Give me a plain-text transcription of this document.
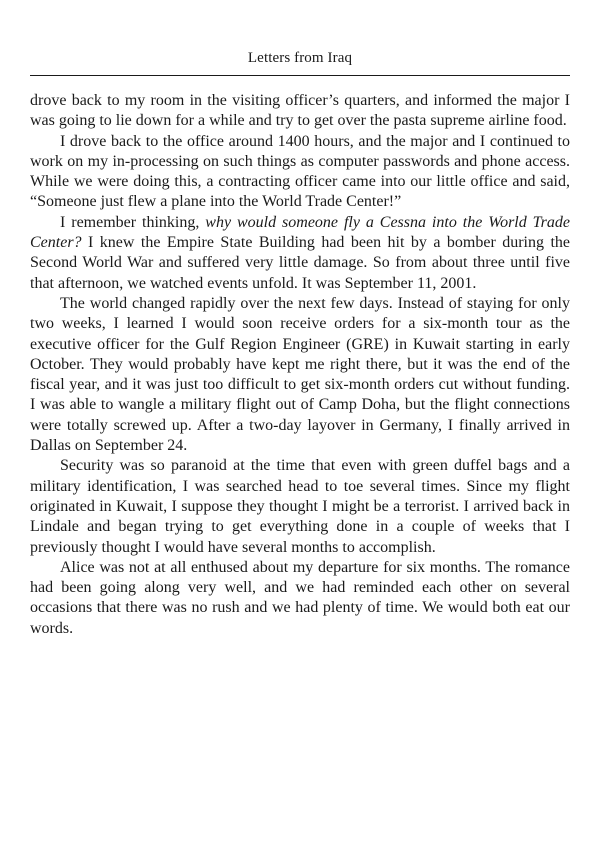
Letters from Iraq

drove back to my room in the visiting officer’s quarters, and informed the major I was going to lie down for a while and try to get over the pasta supreme airline food.

I drove back to the office around 1400 hours, and the major and I continued to work on my in-processing on such things as computer passwords and phone access. While we were doing this, a contracting officer came into our little office and said, “Someone just flew a plane into the World Trade Center!”

I remember thinking, why would someone fly a Cessna into the World Trade Center? I knew the Empire State Building had been hit by a bomber during the Second World War and suffered very little damage. So from about three until five that afternoon, we watched events unfold. It was September 11, 2001.

The world changed rapidly over the next few days. Instead of staying for only two weeks, I learned I would soon receive orders for a six-month tour as the executive officer for the Gulf Region Engineer (GRE) in Kuwait starting in early October. They would probably have kept me right there, but it was the end of the fiscal year, and it was just too difficult to get six-month orders cut without funding. I was able to wangle a military flight out of Camp Doha, but the flight connections were totally screwed up. After a two-day layover in Germany, I finally arrived in Dallas on September 24.

Security was so paranoid at the time that even with green duffel bags and a military identification, I was searched head to toe several times. Since my flight originated in Kuwait, I suppose they thought I might be a terrorist. I arrived back in Lindale and began trying to get everything done in a couple of weeks that I previously thought I would have several months to accomplish.

Alice was not at all enthused about my departure for six months. The romance had been going along very well, and we had reminded each other on several occasions that there was no rush and we had plenty of time. We would both eat our words.
